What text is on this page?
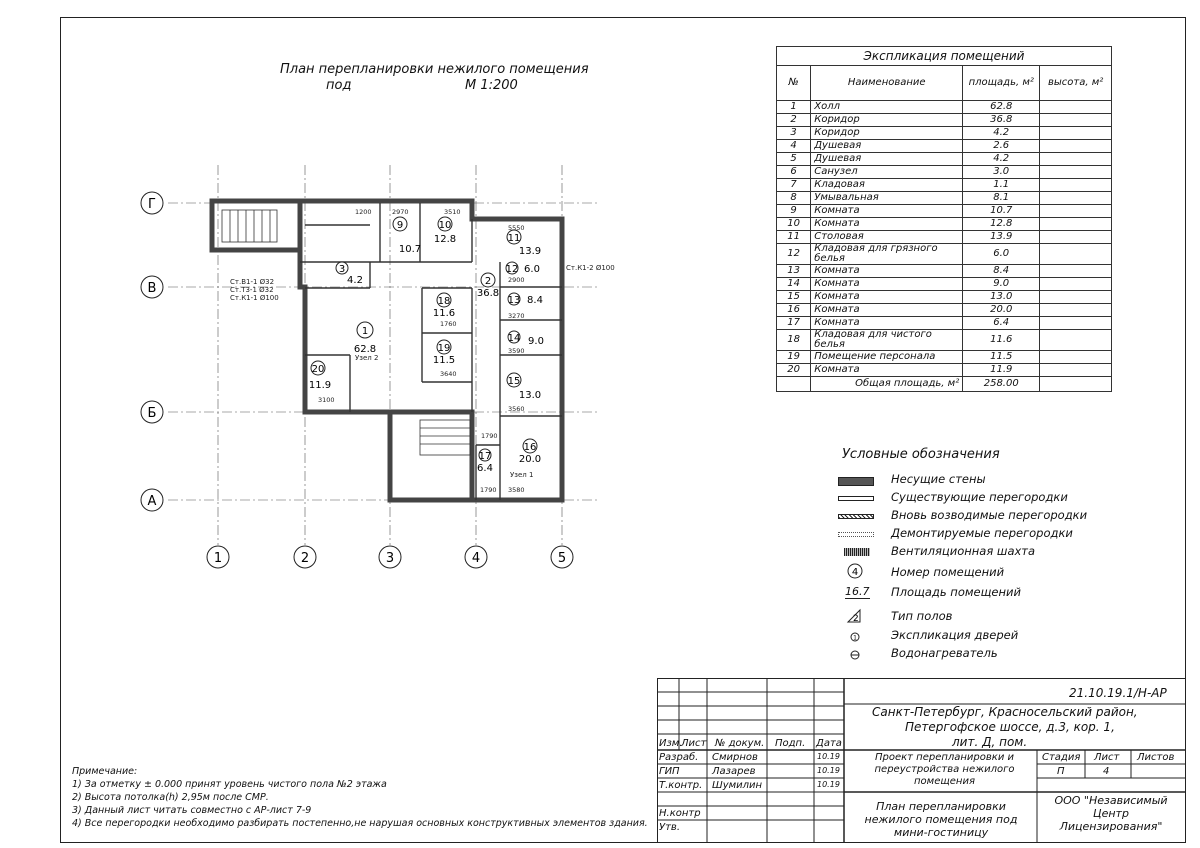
План перепланировки нежилого помещения
под	М 1:200
Г
В
Б
А
1	2	3	4	5
1
62.8
2
36.8
3
4.2
9
10.7
10
12.8	11
13.9
12 6.0
13 8.4
14 9.0
15
13.0
16
20.0
17
6.4
18
11.6
19
11.5
20
11.9
2970	3510
1200
5550
2900
1760
3270
3640
3590
3100
3560
1790
3580
1790
Ст.В1-1 Ø32
Ст.Т3-1 Ø32
Ст.К1-1 Ø100
Ст.К1-2 Ø100
Узел 2
Узел 1
Экспликация помещений			
№	Наименование	площадь, м²	высота, м²
1	Холл	62.8	
2	Коридор	36.8	
3	Коридор	4.2	
4	Душевая	2.6	
5	Душевая	4.2	
6	Санузел	3.0	
7	Кладовая	1.1	
8	Умывальная	8.1	
9	Комната	10.7	
10	Комната	12.8	
11	Столовая	13.9	
12	Кладовая для грязного белья	6.0	
13	Комната	8.4	
14	Комната	9.0	
15	Комната	13.0	
16	Комната	20.0	
17	Комната	6.4	
18	Кладовая для чистого белья	11.6	
19	Помещение персонала	11.5	
20	Комната	11.9	
	Общая площадь, м²	258.00	
Условные обозначения
Несущие стены
Существующие перегородки
Вновь возводимые перегородки
Демонтируемые перегородки
Вентиляционная шахта
4	Номер помещений
16.7 Площадь помещений
2	Тип полов
1	Экспликация дверей
Водонагреватель
Примечание:
1) За отметку ± 0.000 принят уровень чистого пола №2 этажа
2) Высота потолка(h) 2,95м после СМР.
3) Данный лист читать совместно с АР-лист 7-9
4) Все перегородки необходимо разбирать постепенно,не нарушая основных конструктивных элементов здания.
21.10.19.1/Н-АР
Санкт-Петербург, Красносельский район,
Петергофское шоссе, д.3, кор. 1,
лит. Д, пом.
Изм.
Лист № докум. Подп. Дата
Разраб. Смирнов	10.19
ГИП	Лазарев	10.19
Т.контр. Шумилин	10.19
Н.контр
Утв.
Проект перепланировки и переустройства нежилого помещения
Стадия Лист Листов
П	4
План перепланировки нежилого помещения под мини-гостиницу
ООО "Независимый Центр Лицензирования"
